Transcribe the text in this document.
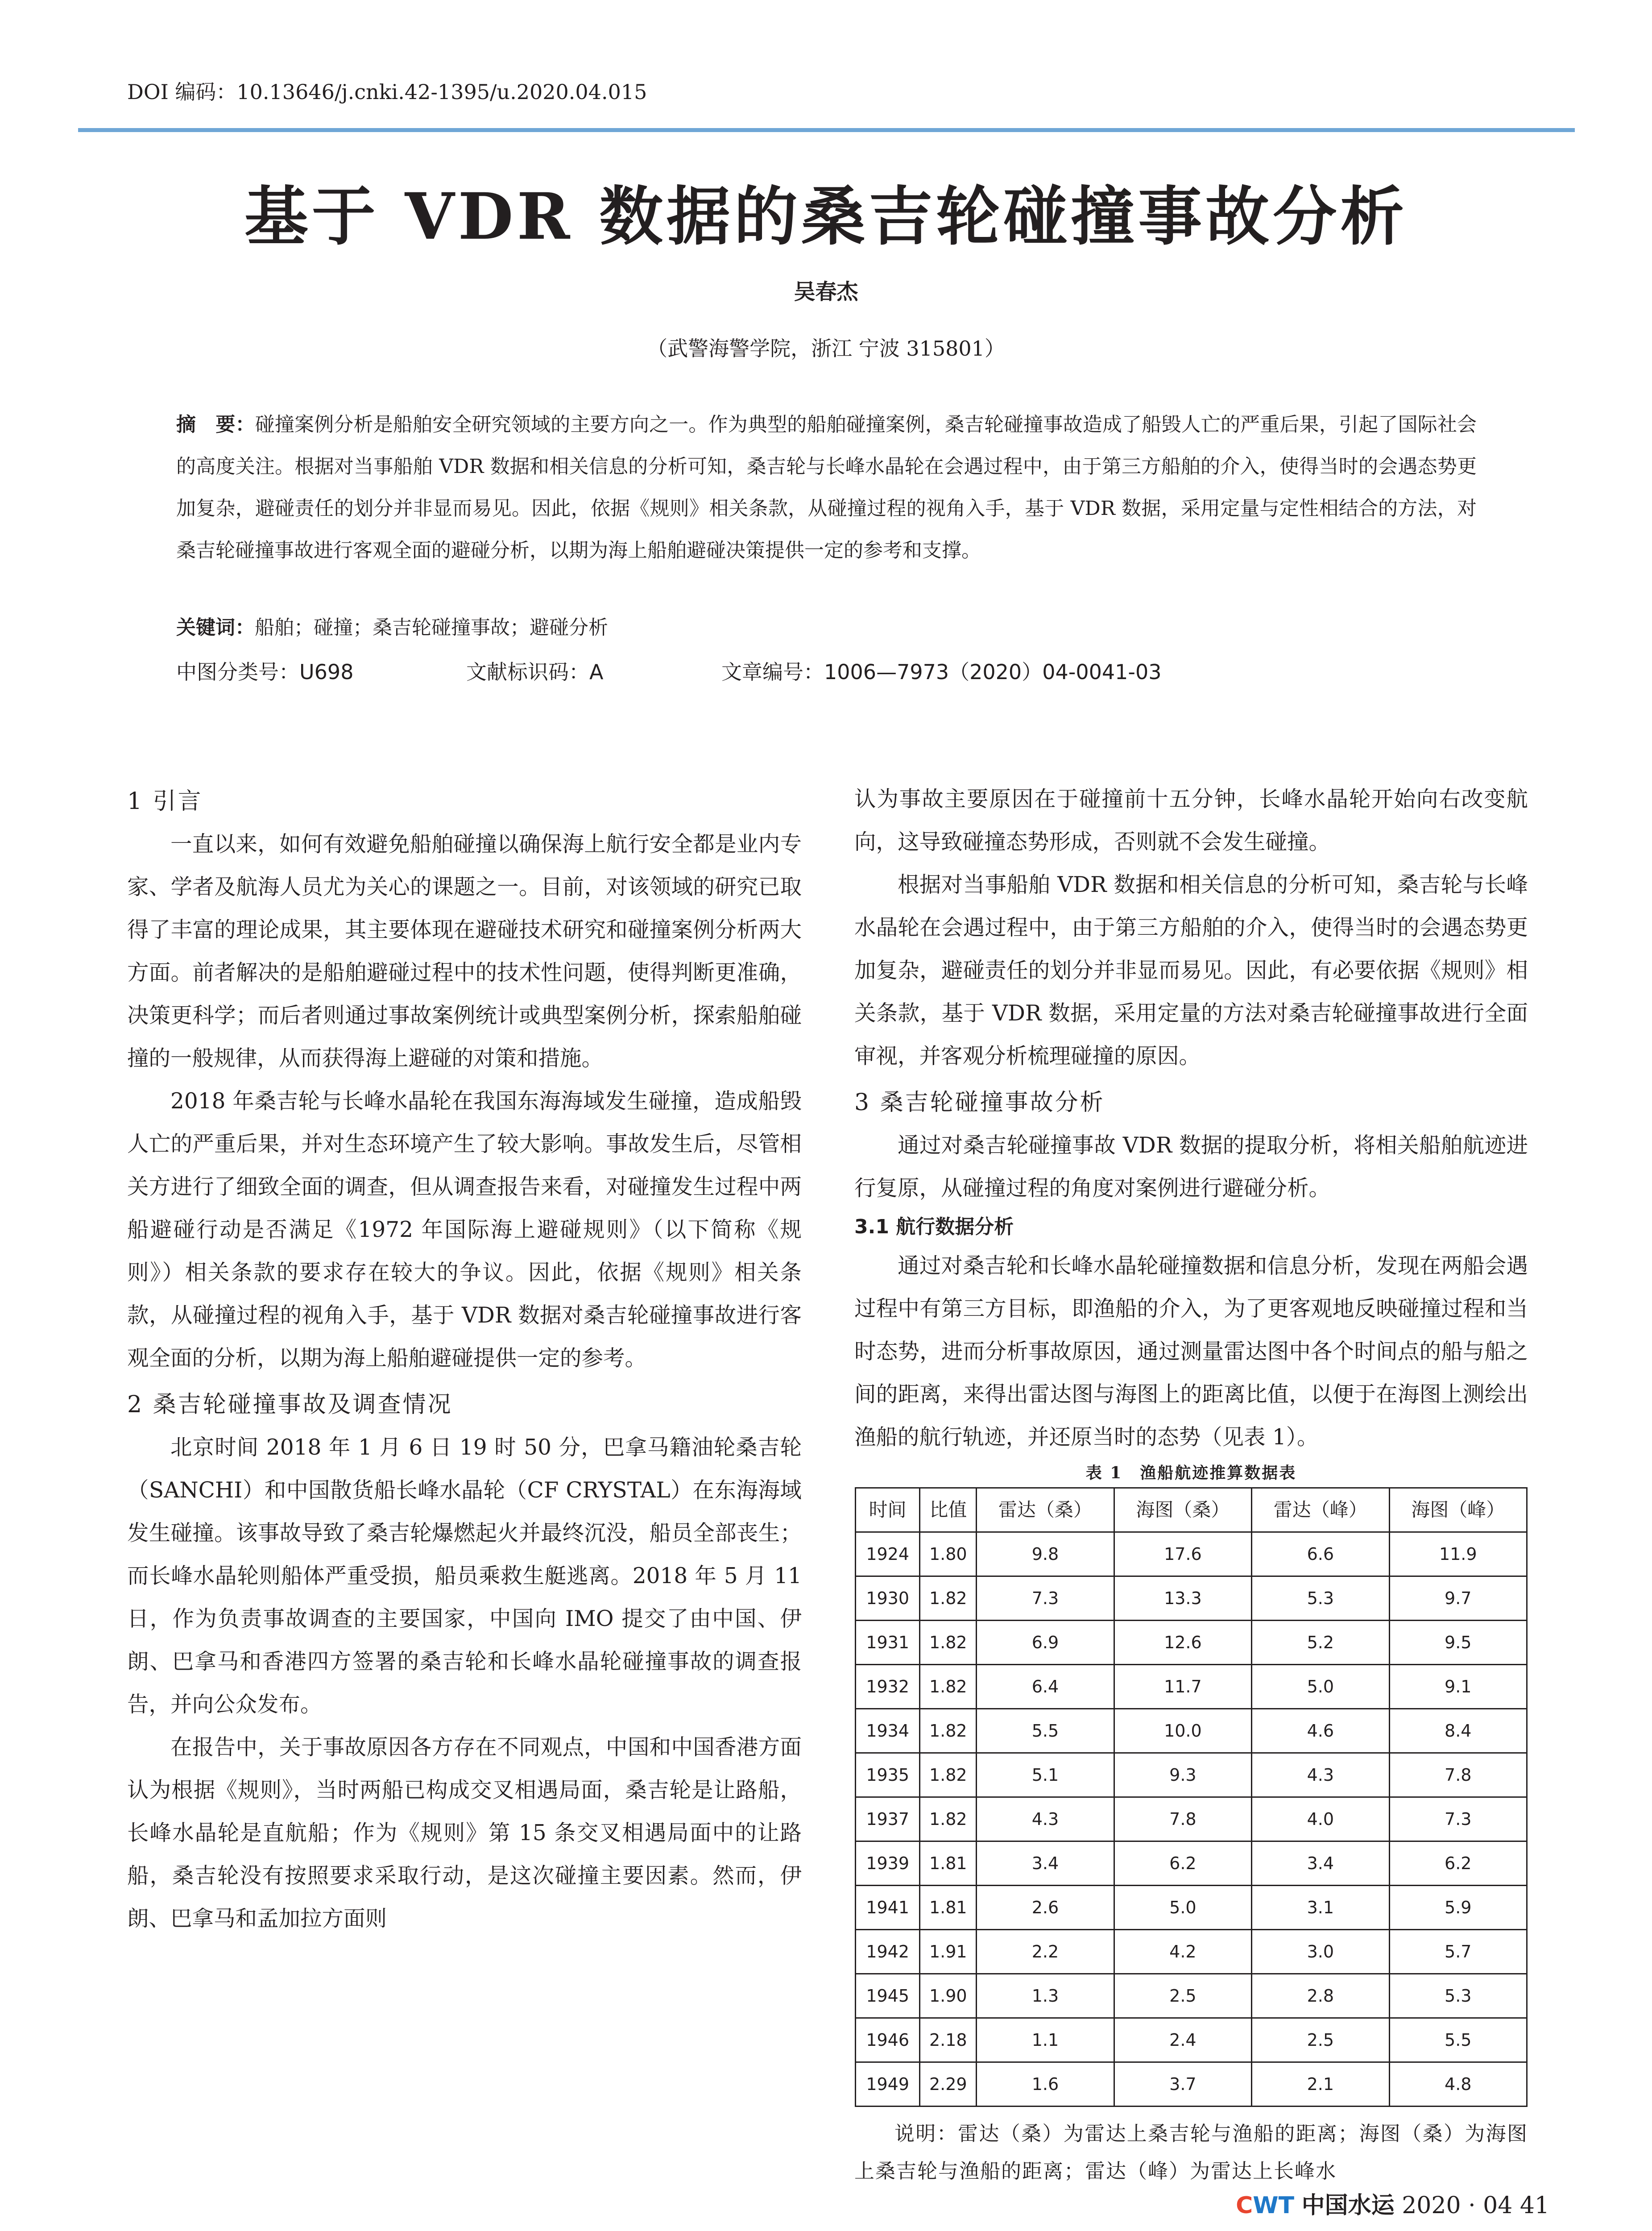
DOI 编码：10.13646/j.cnki.42-1395/u.2020.04.015
基于 VDR 数据的桑吉轮碰撞事故分析
吴春杰
（武警海警学院，浙江 宁波 315801）
摘　要：碰撞案例分析是船舶安全研究领域的主要方向之一。作为典型的船舶碰撞案例，桑吉轮碰撞事故造成了船毁人亡的严重后果，引起了国际社会的高度关注。根据对当事船舶 VDR 数据和相关信息的分析可知，桑吉轮与长峰水晶轮在会遇过程中，由于第三方船舶的介入，使得当时的会遇态势更加复杂，避碰责任的划分并非显而易见。因此，依据《规则》相关条款，从碰撞过程的视角入手，基于 VDR 数据，采用定量与定性相结合的方法，对桑吉轮碰撞事故进行客观全面的避碰分析，以期为海上船舶避碰决策提供一定的参考和支撑。
关键词：船舶；碰撞；桑吉轮碰撞事故；避碰分析
中图分类号：U698	文献标识码：A	文章编号：1006—7973（2020）04-0041-03
1 引言

一直以来，如何有效避免船舶碰撞以确保海上航行安全都是业内专家、学者及航海人员尤为关心的课题之一。目前，对该领域的研究已取得了丰富的理论成果，其主要体现在避碰技术研究和碰撞案例分析两大方面。前者解决的是船舶避碰过程中的技术性问题，使得判断更准确，决策更科学；而后者则通过事故案例统计或典型案例分析，探索船舶碰撞的一般规律，从而获得海上避碰的对策和措施。

2018 年桑吉轮与长峰水晶轮在我国东海海域发生碰撞，造成船毁人亡的严重后果，并对生态环境产生了较大影响。事故发生后，尽管相关方进行了细致全面的调查，但从调查报告来看，对碰撞发生过程中两船避碰行动是否满足《1972 年国际海上避碰规则》（以下简称《规则》）相关条款的要求存在较大的争议。因此，依据《规则》相关条款，从碰撞过程的视角入手，基于 VDR 数据对桑吉轮碰撞事故进行客观全面的分析，以期为海上船舶避碰提供一定的参考。

2 桑吉轮碰撞事故及调查情况

北京时间 2018 年 1 月 6 日 19 时 50 分，巴拿马籍油轮桑吉轮（SANCHI）和中国散货船长峰水晶轮（CF CRYSTAL）在东海海域发生碰撞。该事故导致了桑吉轮爆燃起火并最终沉没，船员全部丧生；而长峰水晶轮则船体严重受损，船员乘救生艇逃离。2018 年 5 月 11 日，作为负责事故调查的主要国家，中国向 IMO 提交了由中国、伊朗、巴拿马和香港四方签署的桑吉轮和长峰水晶轮碰撞事故的调查报告，并向公众发布。

在报告中，关于事故原因各方存在不同观点，中国和中国香港方面认为根据《规则》，当时两船已构成交叉相遇局面，桑吉轮是让路船，长峰水晶轮是直航船；作为《规则》第 15 条交叉相遇局面中的让路船，桑吉轮没有按照要求采取行动，是这次碰撞主要因素。然而，伊朗、巴拿马和孟加拉方面则

认为事故主要原因在于碰撞前十五分钟，长峰水晶轮开始向右改变航向，这导致碰撞态势形成，否则就不会发生碰撞。

根据对当事船舶 VDR 数据和相关信息的分析可知，桑吉轮与长峰水晶轮在会遇过程中，由于第三方船舶的介入，使得当时的会遇态势更加复杂，避碰责任的划分并非显而易见。因此，有必要依据《规则》相关条款，基于 VDR 数据，采用定量的方法对桑吉轮碰撞事故进行全面审视，并客观分析梳理碰撞的原因。

3 桑吉轮碰撞事故分析

通过对桑吉轮碰撞事故 VDR 数据的提取分析，将相关船舶航迹进行复原，从碰撞过程的角度对案例进行避碰分析。

3.1 航行数据分析

通过对桑吉轮和长峰水晶轮碰撞数据和信息分析，发现在两船会遇过程中有第三方目标，即渔船的介入，为了更客观地反映碰撞过程和当时态势，进而分析事故原因，通过测量雷达图中各个时间点的船与船之间的距离，来得出雷达图与海图上的距离比值，以便于在海图上测绘出渔船的航行轨迹，并还原当时的态势（见表 1）。

表 1　渔船航迹推算数据表
时间	比值	雷达（桑）	海图（桑）	雷达（峰）	海图（峰）
1924	1.80	9.8	17.6	6.6	11.9
1930	1.82	7.3	13.3	5.3	9.7
1931	1.82	6.9	12.6	5.2	9.5
1932	1.82	6.4	11.7	5.0	9.1
1934	1.82	5.5	10.0	4.6	8.4
1935	1.82	5.1	9.3	4.3	7.8
1937	1.82	4.3	7.8	4.0	7.3
1939	1.81	3.4	6.2	3.4	6.2
1941	1.81	2.6	5.0	3.1	5.9
1942	1.91	2.2	4.2	3.0	5.7
1945	1.90	1.3	2.5	2.8	5.3
1946	2.18	1.1	2.4	2.5	5.5
1949	2.29	1.6	3.7	2.1	4.8
说明：雷达（桑）为雷达上桑吉轮与渔船的距离；海图（桑）为海图上桑吉轮与渔船的距离；雷达（峰）为雷达上长峰水
CWT 中国水运 2020 · 04 41
